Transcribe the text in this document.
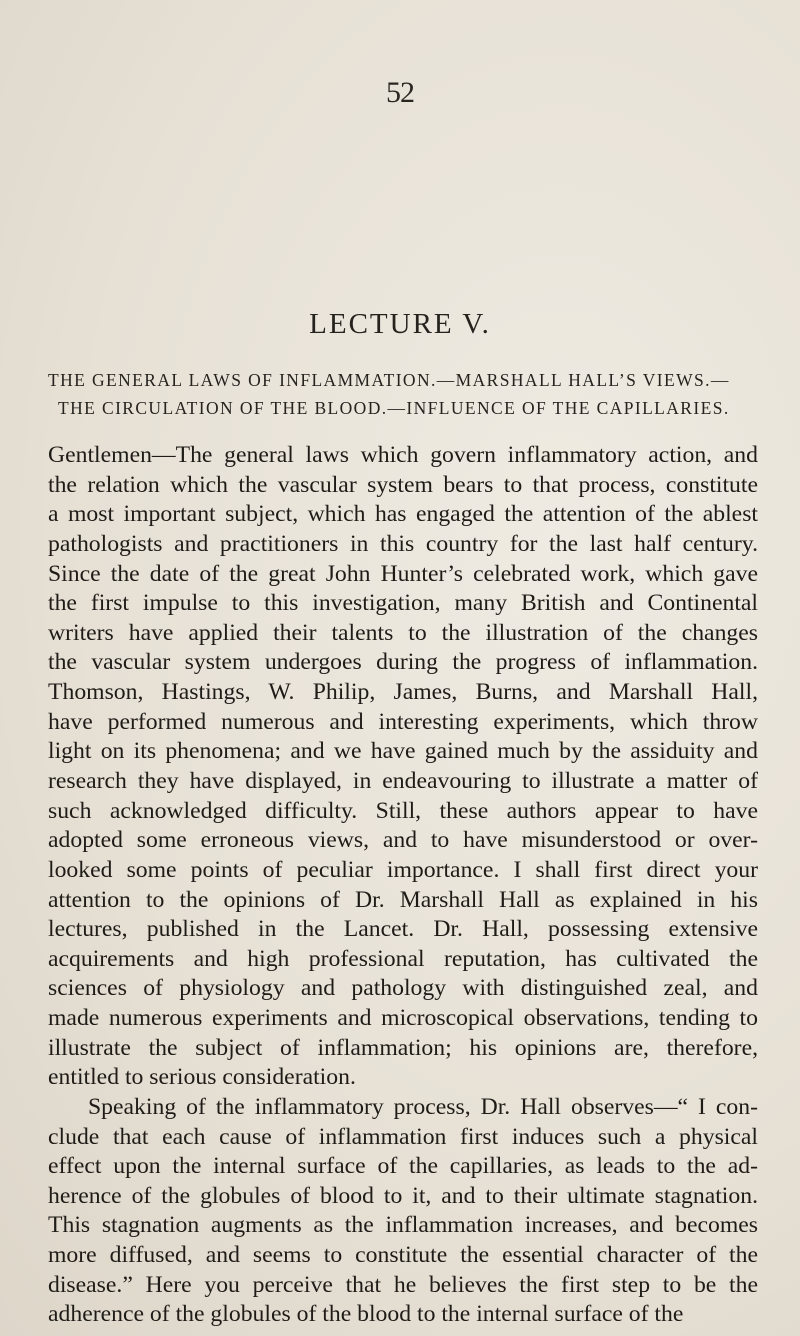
52
LECTURE V.
THE GENERAL LAWS OF INFLAMMATION.—MARSHALL HALL’S VIEWS.—
THE CIRCULATION OF THE BLOOD.—INFLUENCE OF THE CAPILLARIES.
Gentlemen—The general laws which govern inflammatory action, and
the relation which the vascular system bears to that process, constitute
a most important subject, which has engaged the attention of the ablest
pathologists and practitioners in this country for the last half century.
Since the date of the great John Hunter’s celebrated work, which gave
the first impulse to this investigation, many British and Continental
writers have applied their talents to the illustration of the changes
the vascular system undergoes during the progress of inflammation.
Thomson, Hastings, W. Philip, James, Burns, and Marshall Hall,
have performed numerous and interesting experiments, which throw
light on its phenomena; and we have gained much by the assiduity and
research they have displayed, in endeavouring to illustrate a matter of
such acknowledged difficulty. Still, these authors appear to have
adopted some erroneous views, and to have misunderstood or over-
looked some points of peculiar importance. I shall first direct your
attention to the opinions of Dr. Marshall Hall as explained in his
lectures, published in the Lancet. Dr. Hall, possessing extensive
acquirements and high professional reputation, has cultivated the
sciences of physiology and pathology with distinguished zeal, and
made numerous experiments and microscopical observations, tending to
illustrate the subject of inflammation; his opinions are, therefore,
entitled to serious consideration.
Speaking of the inflammatory process, Dr. Hall observes—“ I con-
clude that each cause of inflammation first induces such a physical
effect upon the internal surface of the capillaries, as leads to the ad-
herence of the globules of blood to it, and to their ultimate stagnation.
This stagnation augments as the inflammation increases, and becomes
more diffused, and seems to constitute the essential character of the
disease.” Here you perceive that he believes the first step to be the
adherence of the globules of the blood to the internal surface of the
